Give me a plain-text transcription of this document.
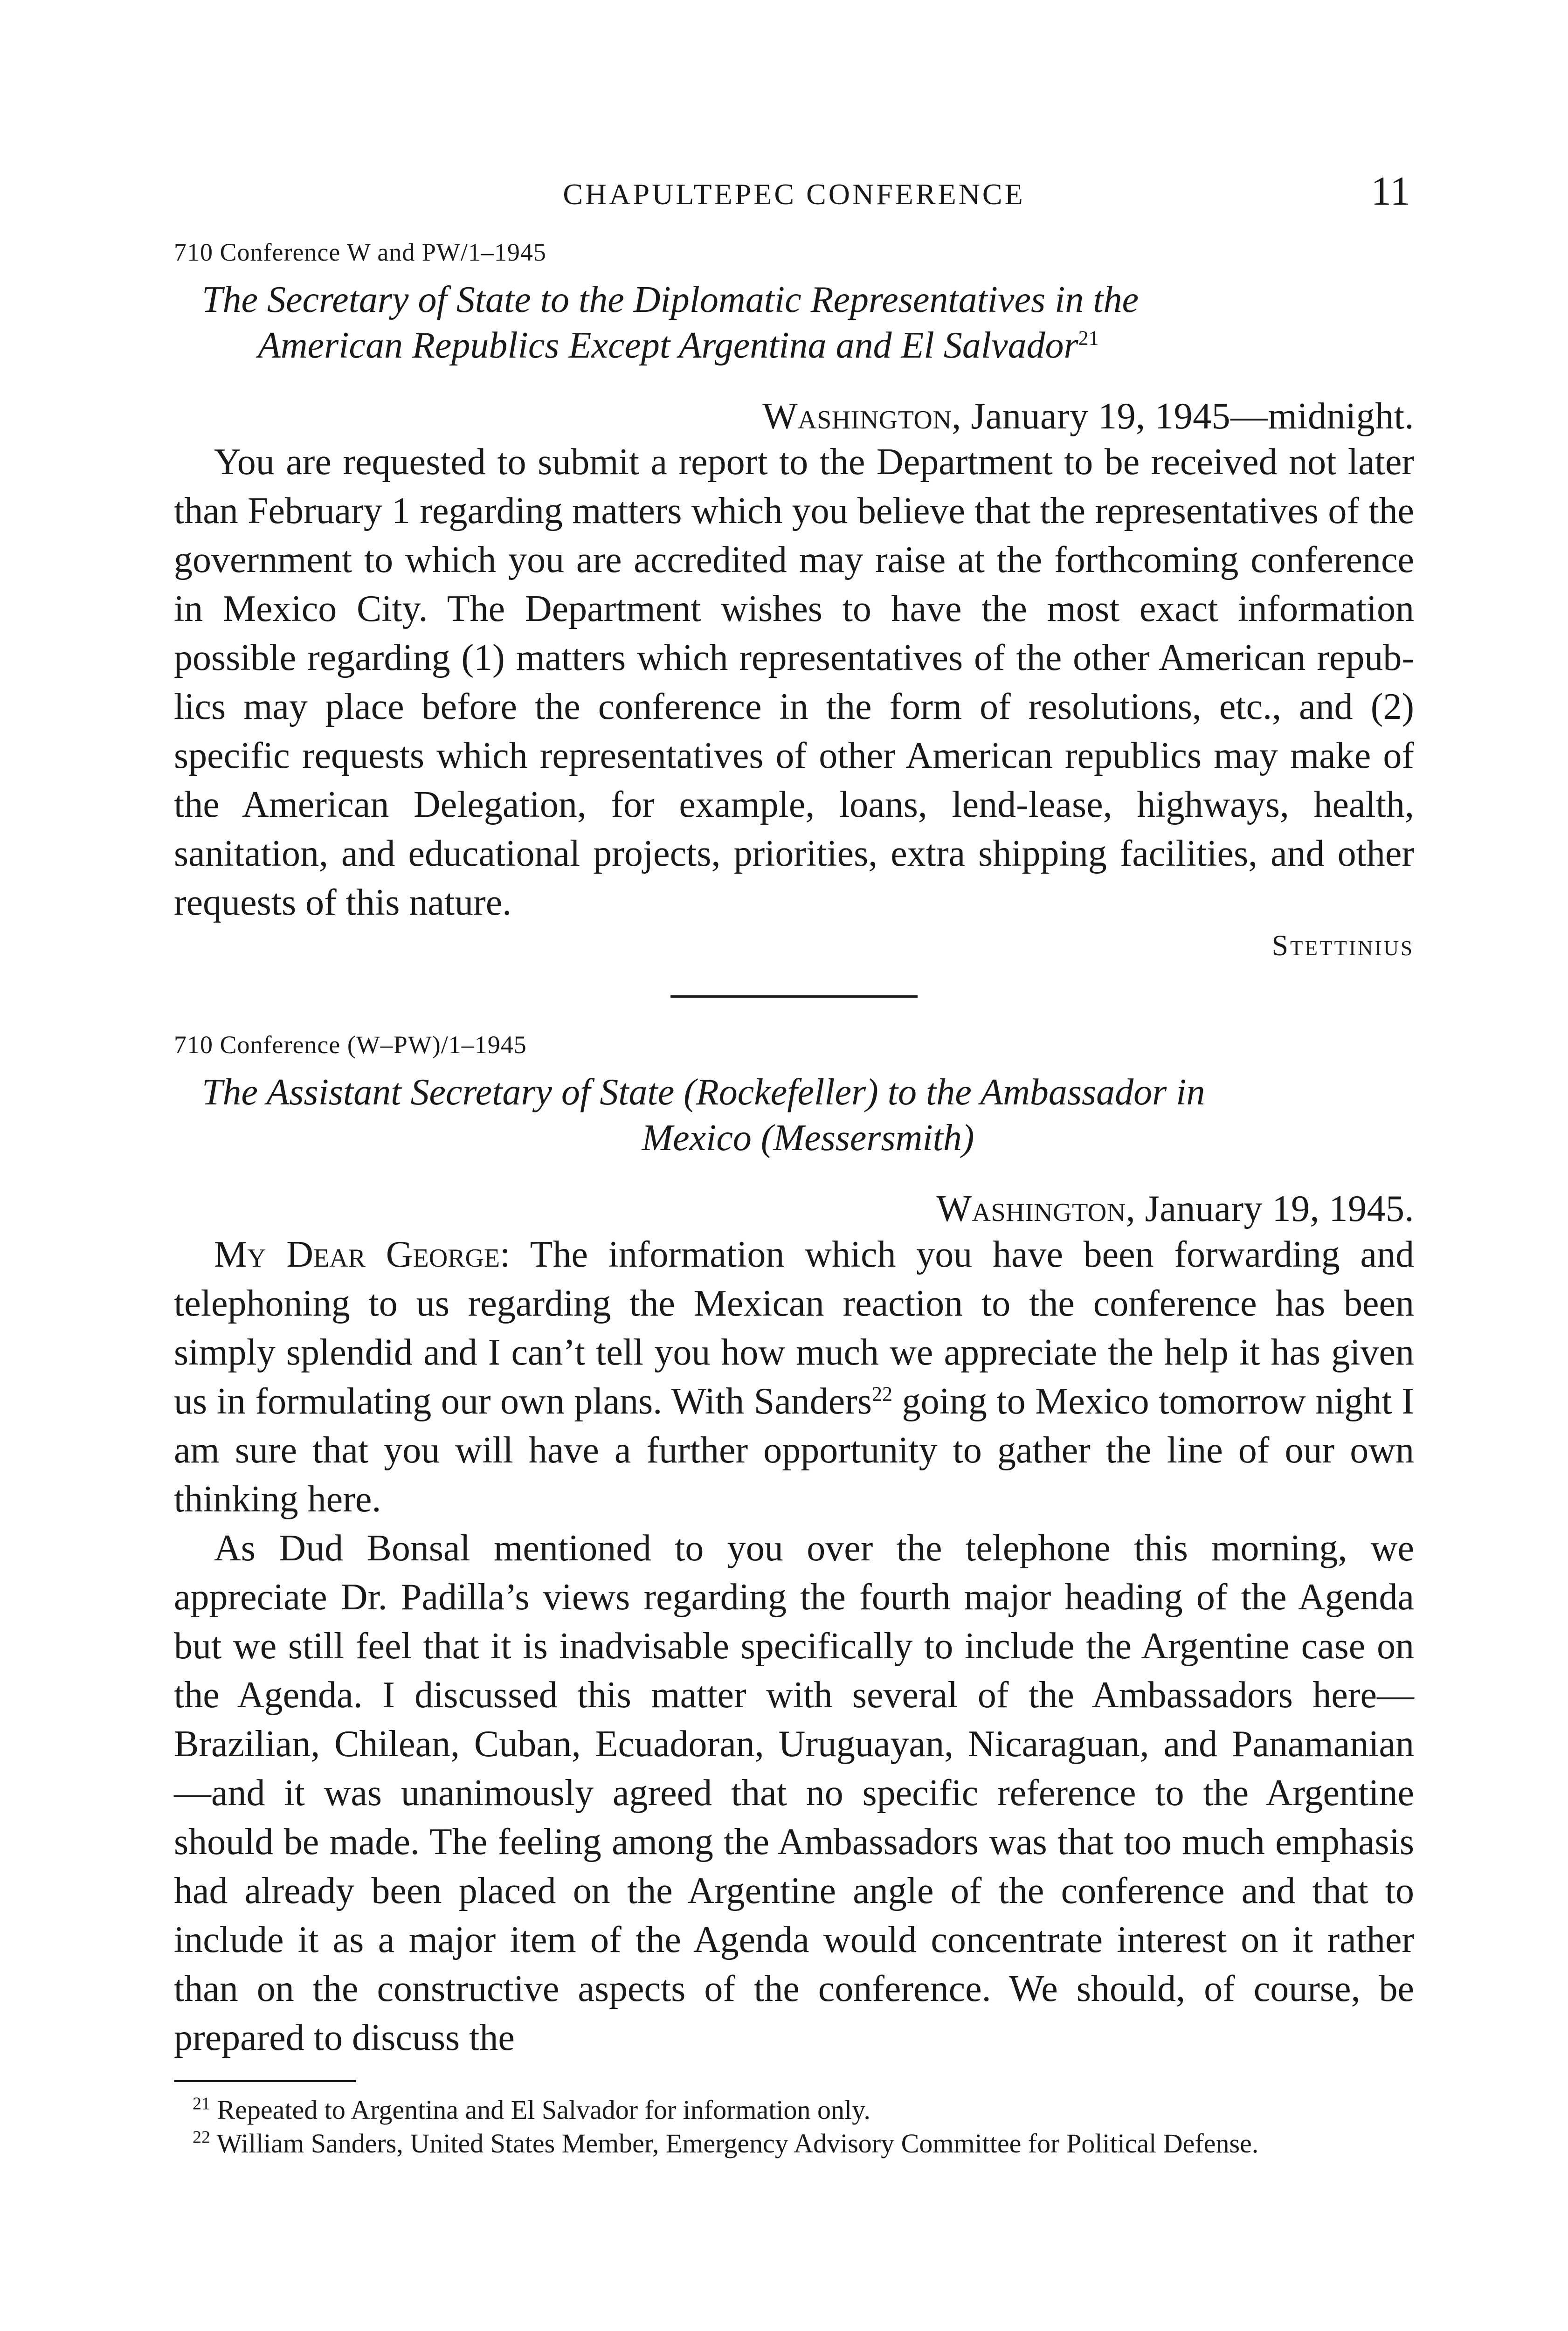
CHAPULTEPEC CONFERENCE	11
710 Conference W and PW/1–1945
The Secretary of State to the Diplomatic Representatives in the
American Republics Except Argentina and El Salvador$^{21}$
Washington, January 19, 1945—midnight.

You are requested to submit a report to the Department to be received not later than February 1 regarding matters which you believe that the representatives of the government to which you are accredited may raise at the forthcoming conference in Mexico City. The Department wishes to have the most exact information possible regarding (1) matters which representatives of the other American republics may place before the conference in the form of resolutions, etc., and (2) specific requests which representatives of other American republics may make of the American Delegation, for example, loans, lend-lease, highways, health, sanitation, and educational projects, priorities, extra shipping facilities, and other requests of this nature.

Stettinius
710 Conference (W–PW)/1–1945
The Assistant Secretary of State (Rockefeller) to the Ambassador in
Mexico (Messersmith)
Washington, January 19, 1945.

My Dear George: The information which you have been forwarding and telephoning to us regarding the Mexican reaction to the conference has been simply splendid and I can’t tell you how much we appreciate the help it has given us in formulating our own plans. With Sanders$^{22}$ going to Mexico tomorrow night I am sure that you will have a further opportunity to gather the line of our own thinking here.

As Dud Bonsal mentioned to you over the telephone this morning, we appreciate Dr. Padilla’s views regarding the fourth major heading of the Agenda but we still feel that it is inadvisable specifically to include the Argentine case on the Agenda. I discussed this matter with several of the Ambassadors here—Brazilian, Chilean, Cuban, Ecuadoran, Uruguayan, Nicaraguan, and Panamanian—and it was unanimously agreed that no specific reference to the Argentine should be made. The feeling among the Ambassadors was that too much emphasis had already been placed on the Argentine angle of the conference and that to include it as a major item of the Agenda would concentrate interest on it rather than on the constructive aspects of the conference. We should, of course, be prepared to discuss the

$^{21}$ Repeated to Argentina and El Salvador for information only.

$^{22}$ William Sanders, United States Member, Emergency Advisory Committee for Political Defense.
